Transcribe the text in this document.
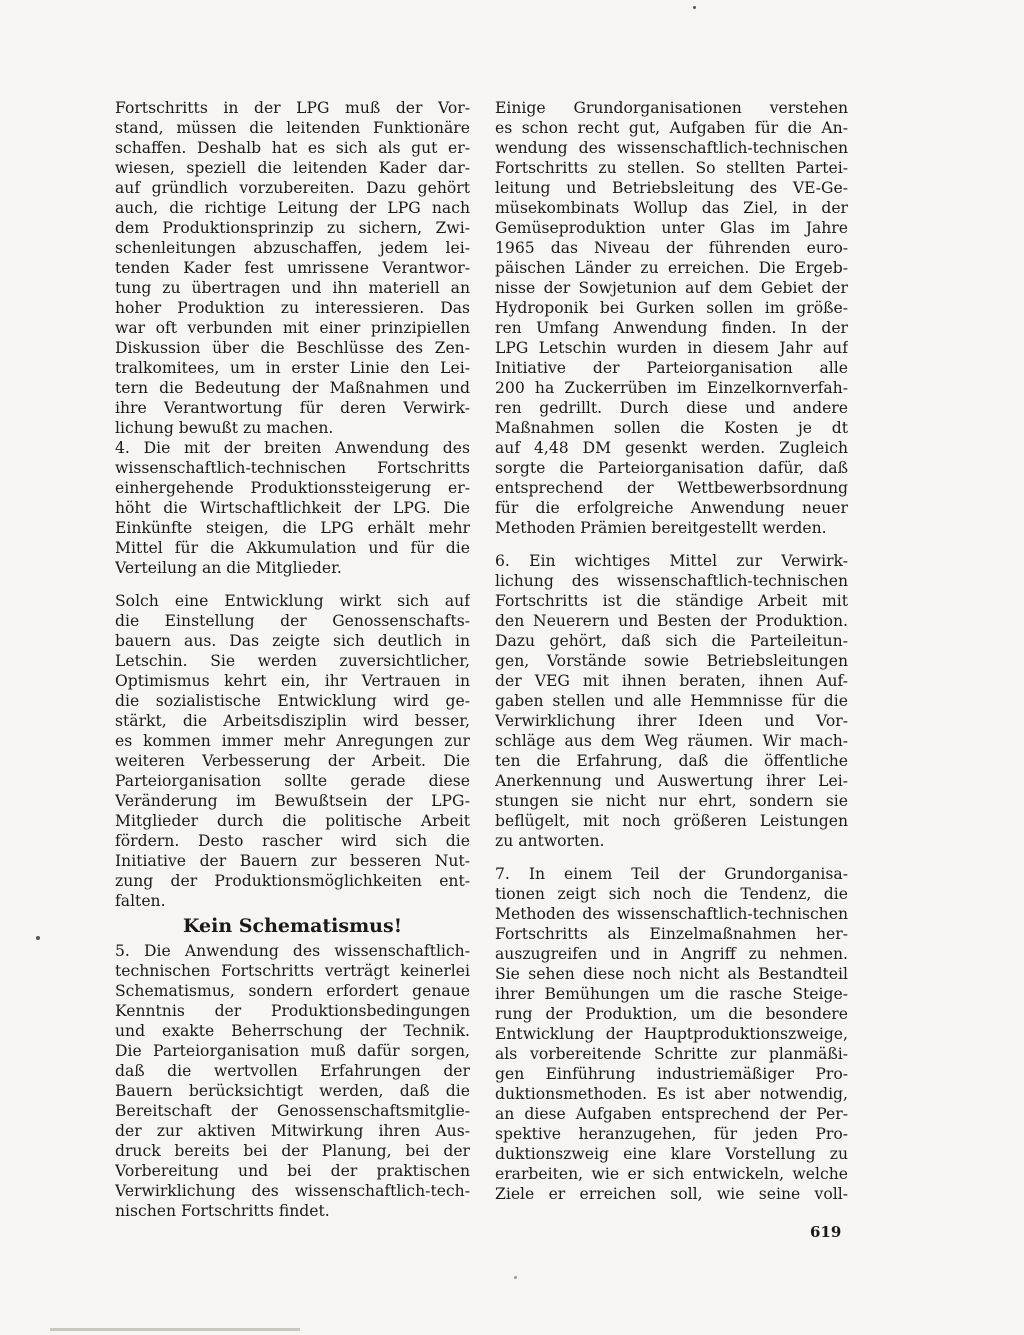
Fortschritts in der LPG muß der Vor-
stand, müssen die leitenden Funktionäre
schaffen. Deshalb hat es sich als gut er-
wiesen, speziell die leitenden Kader dar-
auf gründlich vorzubereiten. Dazu gehört
auch, die richtige Leitung der LPG nach
dem Produktionsprinzip zu sichern, Zwi-
schenleitungen abzuschaffen, jedem lei-
tenden Kader fest umrissene Verantwor-
tung zu übertragen und ihn materiell an
hoher Produktion zu interessieren. Das
war oft verbunden mit einer prinzipiellen
Diskussion über die Beschlüsse des Zen-
tralkomitees, um in erster Linie den Lei-
tern die Bedeutung der Maßnahmen und
ihre Verantwortung für deren Verwirk-
lichung bewußt zu machen.
4. Die mit der breiten Anwendung des
wissenschaftlich-technischen Fortschritts
einhergehende Produktionssteigerung er-
höht die Wirtschaftlichkeit der LPG. Die
Einkünfte steigen, die LPG erhält mehr
Mittel für die Akkumulation und für die
Verteilung an die Mitglieder.
Solch eine Entwicklung wirkt sich auf
die Einstellung der Genossenschafts-
bauern aus. Das zeigte sich deutlich in
Letschin. Sie werden zuversichtlicher,
Optimismus kehrt ein, ihr Vertrauen in
die sozialistische Entwicklung wird ge-
stärkt, die Arbeitsdisziplin wird besser,
es kommen immer mehr Anregungen zur
weiteren Verbesserung der Arbeit. Die
Parteiorganisation sollte gerade diese
Veränderung im Bewußtsein der LPG-
Mitglieder durch die politische Arbeit
fördern. Desto rascher wird sich die
Initiative der Bauern zur besseren Nut-
zung der Produktionsmöglichkeiten ent-
falten.
Kein Schematismus!
5. Die Anwendung des wissenschaftlich-
technischen Fortschritts verträgt keinerlei
Schematismus, sondern erfordert genaue
Kenntnis der Produktionsbedingungen
und exakte Beherrschung der Technik.
Die Parteiorganisation muß dafür sorgen,
daß die wertvollen Erfahrungen der
Bauern berücksichtigt werden, daß die
Bereitschaft der Genossenschaftsmitglie-
der zur aktiven Mitwirkung ihren Aus-
druck bereits bei der Planung, bei der
Vorbereitung und bei der praktischen
Verwirklichung des wissenschaftlich-tech-
nischen Fortschritts findet.
Einige Grundorganisationen verstehen
es schon recht gut, Aufgaben für die An-
wendung des wissenschaftlich-technischen
Fortschritts zu stellen. So stellten Partei-
leitung und Betriebsleitung des VE-Ge-
müsekombinats Wollup das Ziel, in der
Gemüseproduktion unter Glas im Jahre
1965 das Niveau der führenden euro-
päischen Länder zu erreichen. Die Ergeb-
nisse der Sowjetunion auf dem Gebiet der
Hydroponik bei Gurken sollen im größe-
ren Umfang Anwendung finden. In der
LPG Letschin wurden in diesem Jahr auf
Initiative der Parteiorganisation alle
200 ha Zuckerrüben im Einzelkornverfah-
ren gedrillt. Durch diese und andere
Maßnahmen sollen die Kosten je dt
auf 4,48 DM gesenkt werden. Zugleich
sorgte die Parteiorganisation dafür, daß
entsprechend der Wettbewerbsordnung
für die erfolgreiche Anwendung neuer
Methoden Prämien bereitgestellt werden.
6. Ein wichtiges Mittel zur Verwirk-
lichung des wissenschaftlich-technischen
Fortschritts ist die ständige Arbeit mit
den Neuerern und Besten der Produktion.
Dazu gehört, daß sich die Parteileitun-
gen, Vorstände sowie Betriebsleitungen
der VEG mit ihnen beraten, ihnen Auf-
gaben stellen und alle Hemmnisse für die
Verwirklichung ihrer Ideen und Vor-
schläge aus dem Weg räumen. Wir mach-
ten die Erfahrung, daß die öffentliche
Anerkennung und Auswertung ihrer Lei-
stungen sie nicht nur ehrt, sondern sie
beflügelt, mit noch größeren Leistungen
zu antworten.
7. In einem Teil der Grundorganisa-
tionen zeigt sich noch die Tendenz, die
Methoden des wissenschaftlich-technischen
Fortschritts als Einzelmaßnahmen her-
auszugreifen und in Angriff zu nehmen.
Sie sehen diese noch nicht als Bestandteil
ihrer Bemühungen um die rasche Steige-
rung der Produktion, um die besondere
Entwicklung der Hauptproduktionszweige,
als vorbereitende Schritte zur planmäßi-
gen Einführung industriemäßiger Pro-
duktionsmethoden. Es ist aber notwendig,
an diese Aufgaben entsprechend der Per-
spektive heranzugehen, für jeden Pro-
duktionszweig eine klare Vorstellung zu
erarbeiten, wie er sich entwickeln, welche
Ziele er erreichen soll, wie seine voll-
619
